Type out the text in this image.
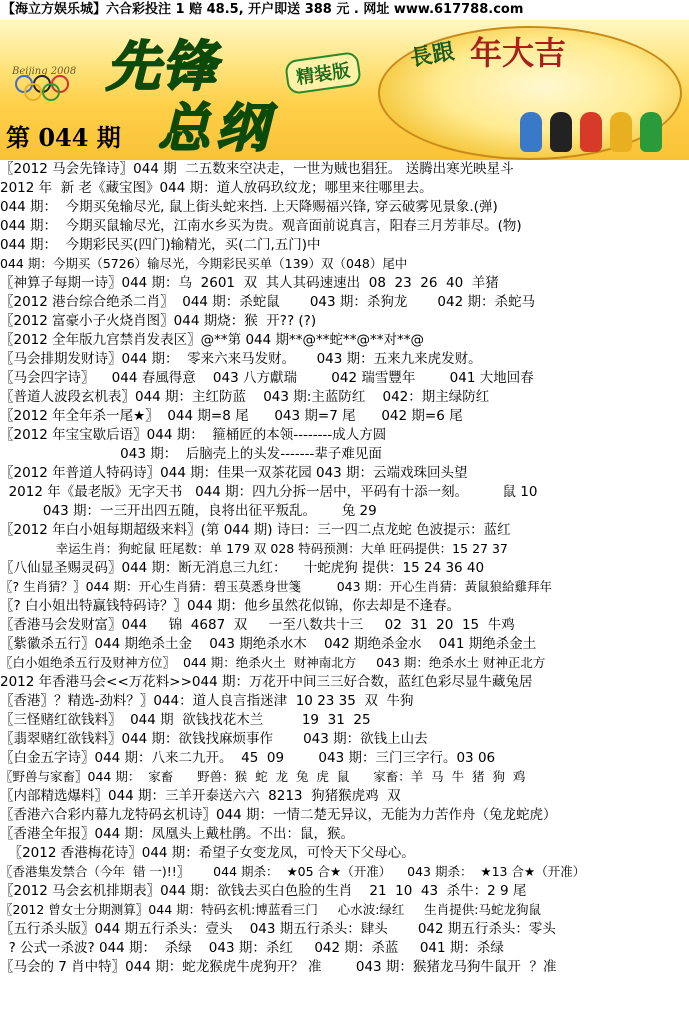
【海立方娱乐城】六合彩投注 1 赔 48.5, 开户即送 388 元 . 网址 www.617788.com
Beijing 2008
第 044 期
先锋
总纲
精装版
長跟 年大吉
〖2012 马会先锋诗〗044 期  二五数来空决走，一世为贼也猖狂。 送腾出寒光映星斗
2012 年  新 老《藏宝图》044 期：道人放码玖纹龙；哪里来往哪里去。
044 期：  今期买兔输尽光, 鼠上街头蛇来挡. 上天降赐福兴锋, 穿云破雾见景象.(弹)
044 期：  今期买鼠输尽光，江南水乡买为贵。观音面前说真言，阳春三月芳菲尽。(物)
044 期：  今期彩民买(四门)输精光，买(二门,五门)中
044 期：今期买（5726）输尽光，今期彩民买单（139）双（048）尾中
〖神算子每期一诗〗044 期：乌  2601  双  其人其码速速出  08  23  26  40  羊猪
〖2012 港台综合绝杀二肖〗  044 期：杀蛇鼠       043 期：杀狗龙       042 期：杀蛇马
〖2012 富豪小子火烧肖图〗044 期烧：猴  开?? (?)
〖2012 全年版九宫禁肖发表区〗@**第 044 期**@**蛇**@**对**@
〖马会排期发财诗〗044 期：  零来六来马发财。     043 期：五来九来虎发财。
〖马会四字诗〗    044 春風得意    043 八方獻瑞        042 瑞雪豐年        041 大地回春
〖普道人波段玄机表〗044 期：主红防蓝    043 期:主蓝防红    042：期主绿防红
〖2012 年全年杀一尾★〗  044 期=8 尾      043 期=7 尾      042 期=6 尾
〖2012 年宝宝歇后语〗044 期：  箍桶匠的本领--------成人方圆
043 期：  后脑壳上的头发-------辈子难见面
〖2012 年普道人特码诗〗044 期：佳果一双茶花园 043 期：云端戏珠回头望
2012 年《最老版》无字天书   044 期：四九分拆一居中，平码有十添一刻。        鼠 10
043 期：一三开出四五随，良将出征平叛乱。      兔 29
〖2012 年白小姐每期超级来料〗(第 044 期) 诗曰：三一四二点龙蛇 色波提示：蓝红
幸运生肖：狗蛇鼠 旺尾数：单 179 双 028 特码预测：大单 旺码提供：15 27 37
〖八仙显圣赐灵码〗044 期：断无消息三九红：    十蛇虎狗 提供：15 24 36 40
〖? 生肖猜？〗044 期：开心生肖猜：碧玉莫悉身世箋         043 期：开心生肖猜：黃鼠狼給雞拜年
〖? 白小姐出特赢钱特码诗？〗044 期：他乡虽然花似锦，你去却是不逢春。
〖香港马会发财富〗044     锦  4687  双     一至八数共十三     02  31  20  15  牛鸡
〖紫徽杀五行〗044 期绝杀土金    043 期绝杀水木    042 期绝杀金水    041 期绝杀金土
〖白小姐绝杀五行及财神方位〗  044 期：绝杀火土  财神南北方     043 期：绝杀水土 财神正北方
2012 年香港马会<<万花料>>044 期：万花开中间三三好合数，蓝红色彩尽显牛藏兔居
〖香港〗？精选-劲料？〗044：道人良言指迷津  10 23 35  双  牛狗
〖三怪赌红欲钱料〗  044 期  欲钱找花木兰         19  31  25
〖翡翠赌红欲钱料〗044 期：欲钱找麻烦事作       043 期：欲钱上山去
〖白金五字诗〗044 期：八来二九开。  45  09        043 期：三门三字行。03 06
〖野兽与家畜〗044 期：  家畜      野兽：猴  蛇  龙  兔  虎  鼠      家畜：羊  马  牛  猪  狗  鸡
〖内部精选爆料〗044 期：三羊开泰送六六  8213  狗猪猴虎鸡  双
〖香港六合彩内幕九龙特码玄机诗〗044 期：一情二楚无异议，无能为力苦作舟（兔龙蛇虎）
〖香港全年报〗044 期：凤凰头上戴杜鹃。不出：鼠，猴。
〖2012 香港梅花诗〗044 期：希望子女变龙凤，可怜天下父母心。
〖香港集发禁合（今年  错 一)!!〗      044 期杀：  ★05 合★（开准）    043 期杀：  ★13 合★（开准）
〖2012 马会玄机排期表〗044 期：欲钱去买白色脸的生肖    21  10  43  杀牛：2 9 尾
〖2012 曾女士分期测算〗044 期：特码玄机:博蓝看三门     心水波:绿红     生肖提供:马蛇龙狗鼠
〖五行杀头版〗044 期五行杀头：壹头    043 期五行杀头：肆头       042 期五行杀头：零头
? 公式一杀波? 044 期：  杀绿    043 期：杀红     042 期：杀蓝     041 期：杀绿
〖马会的 7 肖中特〗044 期：蛇龙猴虎牛虎狗开？ 准        043 期：猴猪龙马狗牛鼠开  ？准
